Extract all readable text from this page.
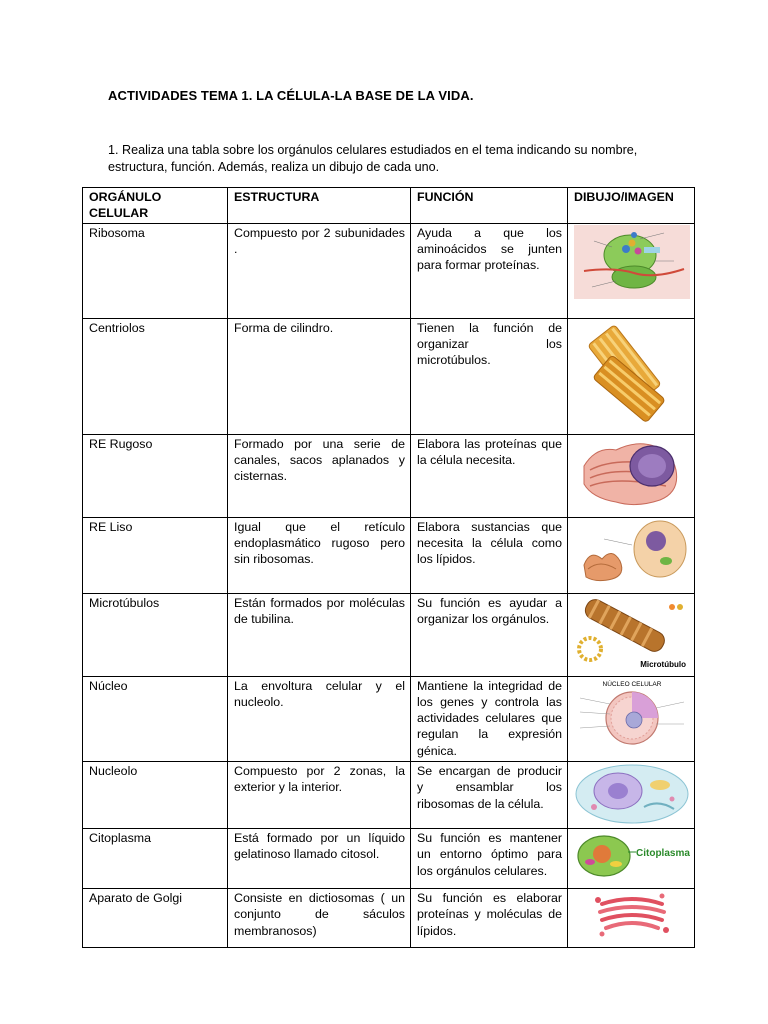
ACTIVIDADES TEMA 1. LA CÉLULA-LA BASE DE LA VIDA.
1. Realiza una tabla sobre los orgánulos celulares estudiados en el tema indicando su nombre, estructura, función. Además, realiza un dibujo de cada uno.
ORGÁNULO CELULAR	ESTRUCTURA	FUNCIÓN	DIBUJO/IMAGEN
Ribosoma	Compuesto por 2 subunidades .	Ayuda a que los aminoácidos se junten para formar proteínas.	

Centriolos	Forma de cilindro.	Tienen la función de organizar los microtúbulos.	

RE Rugoso	Formado por una serie de canales, sacos aplanados y cisternas.	Elabora las proteínas que la célula necesita.	

RE Liso	Igual que el retículo endoplasmático rugoso pero sin ribosomas.	Elabora sustancias que necesita la célula como los lípidos.	

Microtúbulos	Están formados por moléculas de tubilina.	Su función es ayudar a organizar los orgánulos.	Microtúbulo

Núcleo	La envoltura celular y el nucleolo.	Mantiene la integridad de los genes y controla las actividades celulares que regulan la expresión génica.	NÚCLEO CELULAR

Nucleolo	Compuesto por 2 zonas, la exterior y la interior.	Se encargan de producir y ensamblar los ribosomas de la célula.	

Citoplasma	Está formado por un líquido gelatinoso llamado citosol.	Su función es mantener un entorno óptimo para los orgánulos celulares.	Citoplasma

Aparato de Golgi	Consiste en dictiosomas ( un conjunto de sáculos membranosos)	Su función es elaborar proteínas y moléculas de lípidos.	
